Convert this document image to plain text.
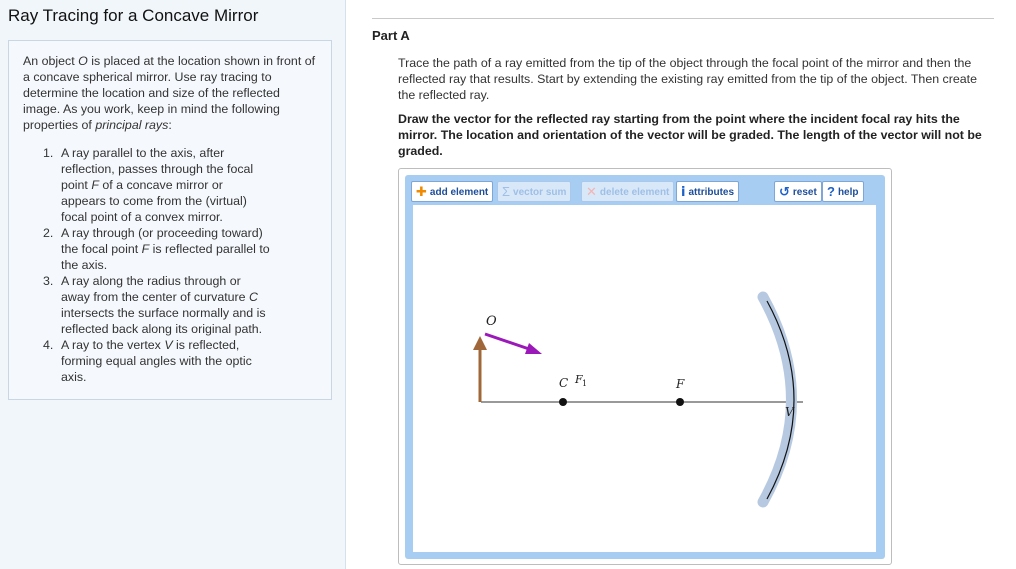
Ray Tracing for a Concave Mirror

An object O is placed at the location shown in front of a concave spherical mirror. Use ray tracing to determine the location and size of the reflected image. As you work, keep in mind the following properties of principal rays:

1. A ray parallel to the axis, after reflection, passes through the focal point F of a concave mirror or appears to come from the (virtual) focal point of a convex mirror.
2. A ray through (or proceeding toward) the focal point F is reflected parallel to the axis.
3. A ray along the radius through or away from the center of curvature C intersects the surface normally and is reflected back along its original path.
4. A ray to the vertex V is reflected, forming equal angles with the optic axis.
Part A
Trace the path of a ray emitted from the tip of the object through the focal point of the mirror and then the reflected ray that results. Start by extending the existing ray emitted from the tip of the object. Then create the reflected ray.
Draw the vector for the reflected ray starting from the point where the incident focal ray hits the mirror. The location and orientation of the vector will be graded. The length of the vector will not be graded.
✚ add element	Σ vector sum	✕ delete element ⅰ attributes	↺ reset ? help
O
C F 1	F
V
